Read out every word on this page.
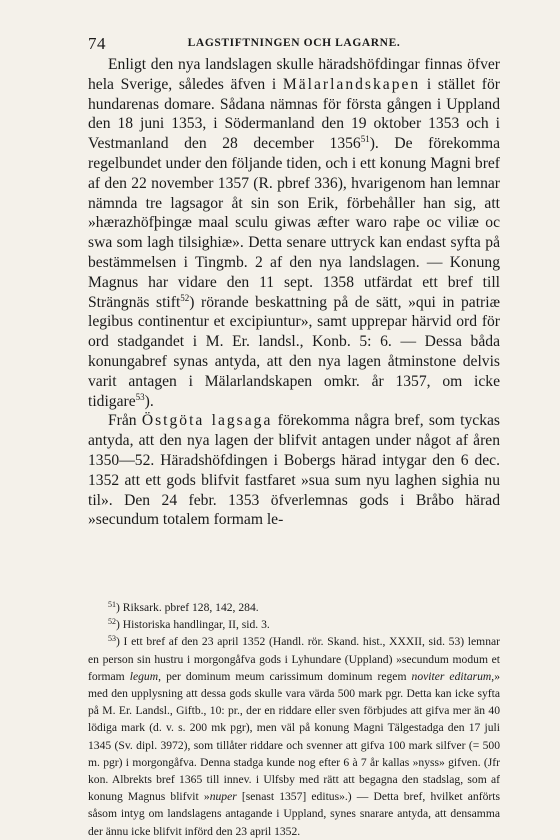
74	LAGSTIFTNINGEN OCH LAGARNE.

Enligt den nya landslagen skulle häradshöfdingar finnas öfver hela Sverige, således äfven i Mälarlandskapen i stället för hundarenas domare. Sådana nämnas för första gången i Uppland den 18 juni 1353, i Södermanland den 19 oktober 1353 och i Vestmanland den 28 december 1356$^{51}$). De förekomma regelbundet under den följande tiden, och i ett konung Magni bref af den 22 november 1357 (R. pbref 336), hvarigenom han lemnar nämnda tre lagsagor åt sin son Erik, förbehåller han sig, att »hærazhöfþingæ maal sculu giwas æfter waro raþe oc viliæ oc swa som lagh tilsighiæ». Detta senare uttryck kan endast syfta på bestämmelsen i Tingmb. 2 af den nya landslagen. — Konung Magnus har vidare den 11 sept. 1358 utfärdat ett bref till Strängnäs stift$^{52}$) rörande beskattning på de sätt, »qui in patriæ legibus continentur et excipiuntur», samt upprepar härvid ord för ord stadgandet i M. Er. landsl., Konb. 5: 6. — Dessa båda konungabref synas antyda, att den nya lagen åtminstone delvis varit antagen i Mälarlandskapen omkr. år 1357, om icke tidigare$^{53}$).

Från Östgöta lagsaga förekomma några bref, som tyckas antyda, att den nya lagen der blifvit antagen under något af åren 1350—52. Häradshöfdingen i Bobergs härad intygar den 6 dec. 1352 att ett gods blifvit fastfaret »sua sum nyu laghen sighia nu til». Den 24 febr. 1353 öfverlemnas gods i Bråbo härad »secundum totalem formam le-

$^{51}$) Riksark. pbref 128, 142, 284.

$^{52}$) Historiska handlingar, II, sid. 3.

$^{53}$) I ett bref af den 23 april 1352 (Handl. rör. Skand. hist., XXXII, sid. 53) lemnar en person sin hustru i morgongåfva gods i Lyhundare (Uppland) »secundum modum et formam legum, per dominum meum carissimum dominum regem noviter editarum,» med den upplysning att dessa gods skulle vara värda 500 mark pgr. Detta kan icke syfta på M. Er. Landsl., Giftb., 10: pr., der en riddare eller sven förbjudes att gifva mer än 40 lödiga mark (d. v. s. 200 mk pgr), men väl på konung Magni Tälgestadga den 17 juli 1345 (Sv. dipl. 3972), som tillåter riddare och svenner att gifva 100 mark silfver (= 500 m. pgr) i morgongåfva. Denna stadga kunde nog efter 6 à 7 år kallas »nyss» gifven. (Jfr kon. Albrekts bref 1365 till innev. i Ulfsby med rätt att begagna den stadslag, som af konung Magnus blifvit »nuper [senast 1357] editus».) — Detta bref, hvilket anförts såsom intyg om landslagens antagande i Uppland, synes snarare antyda, att densamma der ännu icke blifvit införd den 23 april 1352.
